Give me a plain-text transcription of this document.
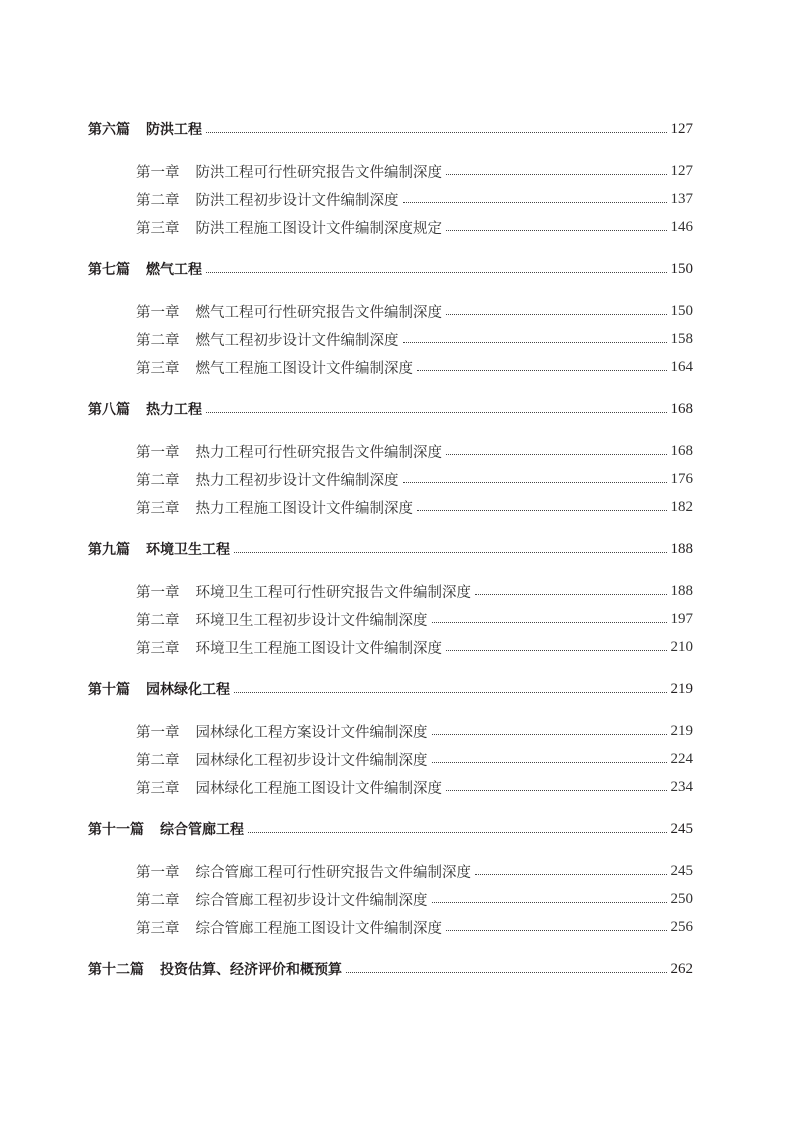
第六篇 防洪工程	127
第一章 防洪工程可行性研究报告文件编制深度	127
第二章 防洪工程初步设计文件编制深度	137
第三章 防洪工程施工图设计文件编制深度规定	146
第七篇 燃气工程	150
第一章 燃气工程可行性研究报告文件编制深度	150
第二章 燃气工程初步设计文件编制深度	158
第三章 燃气工程施工图设计文件编制深度	164
第八篇 热力工程	168
第一章 热力工程可行性研究报告文件编制深度	168
第二章 热力工程初步设计文件编制深度	176
第三章 热力工程施工图设计文件编制深度	182
第九篇 环境卫生工程	188
第一章 环境卫生工程可行性研究报告文件编制深度	188
第二章 环境卫生工程初步设计文件编制深度	197
第三章 环境卫生工程施工图设计文件编制深度	210
第十篇 园林绿化工程	219
第一章 园林绿化工程方案设计文件编制深度	219
第二章 园林绿化工程初步设计文件编制深度	224
第三章 园林绿化工程施工图设计文件编制深度	234
第十一篇 综合管廊工程	245
第一章 综合管廊工程可行性研究报告文件编制深度	245
第二章 综合管廊工程初步设计文件编制深度	250
第三章 综合管廊工程施工图设计文件编制深度	256
第十二篇 投资估算、经济评价和概预算	262
